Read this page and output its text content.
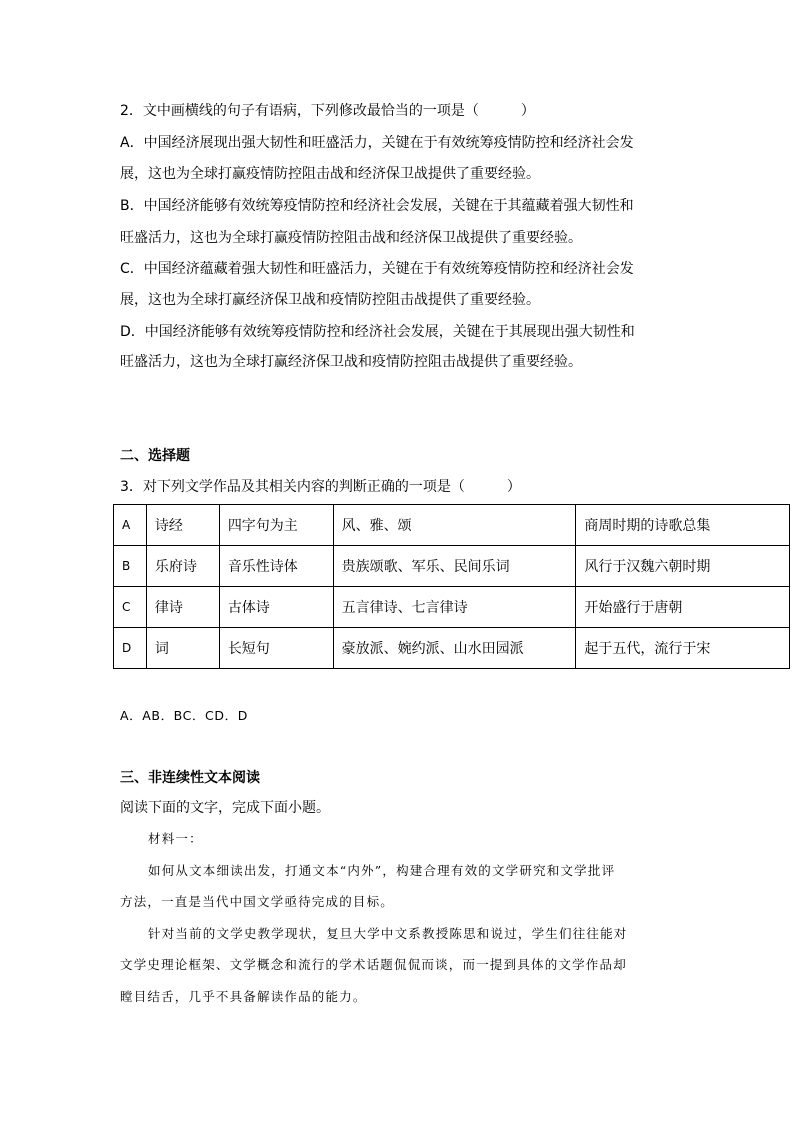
2．文中画横线的句子有语病，下列修改最恰当的一项是（　　　）
A．中国经济展现出强大韧性和旺盛活力，关键在于有效统筹疫情防控和经济社会发
展，这也为全球打赢疫情防控阻击战和经济保卫战提供了重要经验。
B．中国经济能够有效统筹疫情防控和经济社会发展，关键在于其蕴藏着强大韧性和
旺盛活力，这也为全球打赢疫情防控阻击战和经济保卫战提供了重要经验。
C．中国经济蕴藏着强大韧性和旺盛活力，关键在于有效统筹疫情防控和经济社会发
展，这也为全球打赢经济保卫战和疫情防控阻击战提供了重要经验。
D．中国经济能够有效统筹疫情防控和经济社会发展，关键在于其展现出强大韧性和
旺盛活力，这也为全球打赢经济保卫战和疫情防控阻击战提供了重要经验。
二、选择题
3．对下列文学作品及其相关内容的判断正确的一项是（　　　）
A	诗经	四字句为主	风、雅、颂	商周时期的诗歌总集
B	乐府诗	音乐性诗体	贵族颂歌、军乐、民间乐词	风行于汉魏六朝时期
C	律诗	古体诗	五言律诗、七言律诗	开始盛行于唐朝
D	词	长短句	豪放派、婉约派、山水田园派	起于五代，流行于宋
A．AB．BC．CD．D
三、非连续性文本阅读
阅读下面的文字，完成下面小题。
材料一：
如何从文本细读出发，打通文本“内外”，构建合理有效的文学研究和文学批评
方法，一直是当代中国文学亟待完成的目标。
针对当前的文学史教学现状，复旦大学中文系教授陈思和说过，学生们往往能对
文学史理论框架、文学概念和流行的学术话题侃侃而谈，而一提到具体的文学作品却
瞠目结舌，几乎不具备解读作品的能力。
